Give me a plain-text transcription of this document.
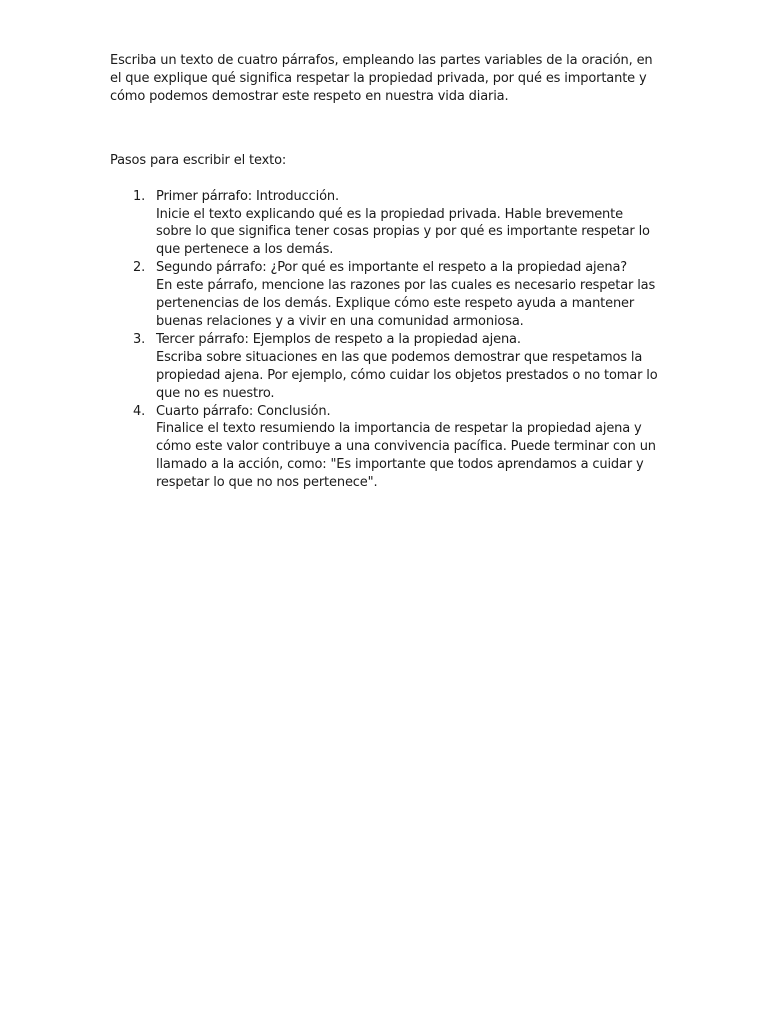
Escriba un texto de cuatro párrafos, empleando las partes variables de la oración, en el que explique qué significa respetar la propiedad privada, por qué es importante y cómo podemos demostrar este respeto en nuestra vida diaria.

Pasos para escribir el texto:

1. Primer párrafo: Introducción.
Inicie el texto explicando qué es la propiedad privada. Hable brevemente sobre lo que significa tener cosas propias y por qué es importante respetar lo que pertenece a los demás.
2. Segundo párrafo: ¿Por qué es importante el respeto a la propiedad ajena?
En este párrafo, mencione las razones por las cuales es necesario respetar las pertenencias de los demás. Explique cómo este respeto ayuda a mantener buenas relaciones y a vivir en una comunidad armoniosa.
3. Tercer párrafo: Ejemplos de respeto a la propiedad ajena.
Escriba sobre situaciones en las que podemos demostrar que respetamos la propiedad ajena. Por ejemplo, cómo cuidar los objetos prestados o no tomar lo que no es nuestro.
4. Cuarto párrafo: Conclusión.
Finalice el texto resumiendo la importancia de respetar la propiedad ajena y cómo este valor contribuye a una convivencia pacífica. Puede terminar con un llamado a la acción, como: "Es importante que todos aprendamos a cuidar y respetar lo que no nos pertenece".
